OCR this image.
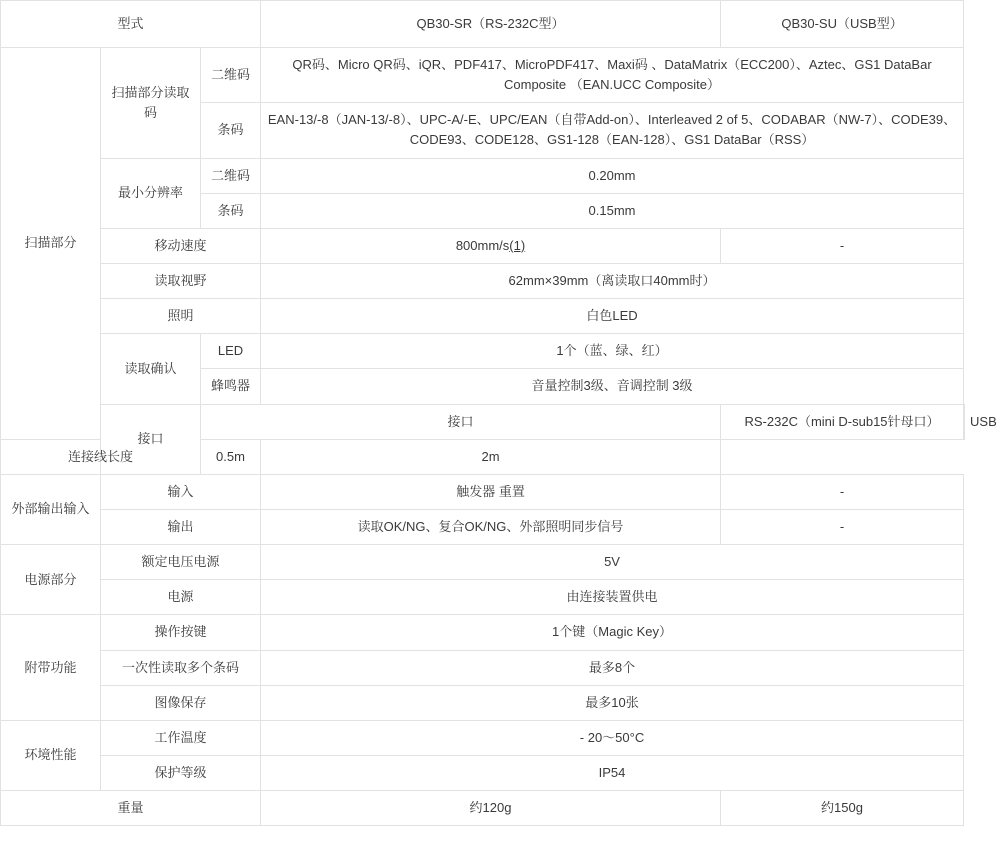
型式			QB30-SR（RS-232C型）	QB30-SU（USB型）	
扫描部分	扫描部分读取码	二维码	QR码、Micro QR码、iQR、PDF417、MicroPDF417、Maxi码 、DataMatrix（ECC200）、Aztec、GS1 DataBar Composite （EAN.UCC Composite）		
		条码	EAN-13/-8（JAN-13/-8）、UPC-A/-E、UPC/EAN（自带Add-on）、Interleaved 2 of 5、CODABAR（NW-7）、CODE39、CODE93、CODE128、GS1-128（EAN-128）、GS1 DataBar（RSS）		
	最小分辨率	二维码	0.20mm		
		条码	0.15mm		
	移动速度		800mm/s(1)	-	
	读取视野		62mm×39mm（离读取口40mm时）		
	照明		白色LED		
	读取确认	LED	1个（蓝、绿、红）		
		蜂鸣器	音量控制3级、音调控制 3级		
	接口	接口		RS-232C（mini D-sub15针母口）	USB
连接线长度		0.5m	2m		
外部输出输入	输入		触发器 重置	-	
	输出		读取OK/NG、复合OK/NG、外部照明同步信号	-	
电源部分	额定电压电源		5V		
	电源		由连接装置供电		
附带功能	操作按键		1个键（Magic Key）		
	一次性读取多个条码		最多8个		
	图像保存		最多10张		
环境性能	工作温度		- 20～50°C		
	保护等级		IP54		
重量			约120g	约150g	
